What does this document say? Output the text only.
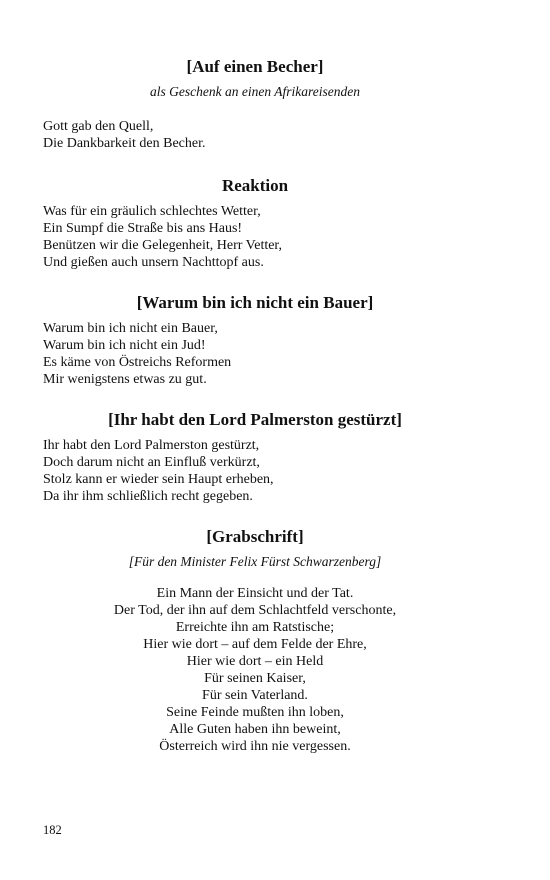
[Auf einen Becher]

als Geschenk an einen Afrikareisenden

Gott gab den Quell,
Die Dankbarkeit den Becher.
Reaktion
Was für ein gräulich schlechtes Wetter,
Ein Sumpf die Straße bis ans Haus!
Benützen wir die Gelegenheit, Herr Vetter,
Und gießen auch unsern Nachttopf aus.
[Warum bin ich nicht ein Bauer]
Warum bin ich nicht ein Bauer,
Warum bin ich nicht ein Jud!
Es käme von Östreichs Reformen
Mir wenigstens etwas zu gut.
[Ihr habt den Lord Palmerston gestürzt]
Ihr habt den Lord Palmerston gestürzt,
Doch darum nicht an Einfluß verkürzt,
Stolz kann er wieder sein Haupt erheben,
Da ihr ihm schließlich recht gegeben.
[Grabschrift]

[Für den Minister Felix Fürst Schwarzenberg]

Ein Mann der Einsicht und der Tat.
Der Tod, der ihn auf dem Schlachtfeld verschonte,
Erreichte ihn am Ratstische;
Hier wie dort – auf dem Felde der Ehre,
Hier wie dort – ein Held
Für seinen Kaiser,
Für sein Vaterland.
Seine Feinde mußten ihn loben,
Alle Guten haben ihn beweint,
Österreich wird ihn nie vergessen.
182
